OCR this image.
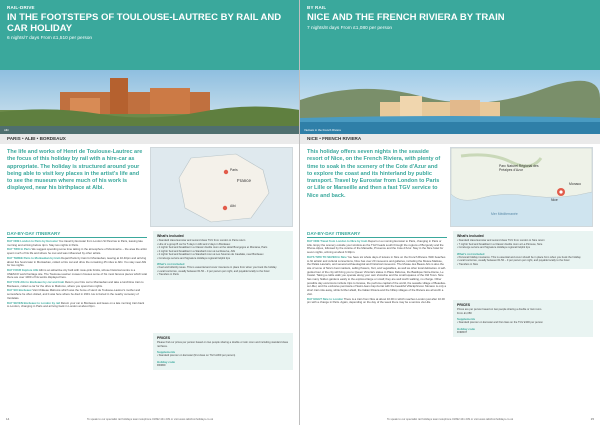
RAIL-DRIVE
IN THE FOOTSTEPS OF TOULOUSE-LAUTREC BY RAIL AND CAR HOLIDAY
6 nights/7 days From £1,510 per person
Albi
PARIS • ALBI • BORDEAUX
The life and works of Henri de Toulouse-Lautrec are the focus of this holiday by rail with a hire-car as appropriate. The holiday is structured around your being able to visit key places in the artist's life and to see the museum where much of his work is displayed, near his birthplace at Albi.
France
Paris
Albi
DAY-BY-DAY ITINERARY
DAY ONE London to Paris by Eurostar You travel by Eurostar from London St Pancras to Paris, leaving late morning and arriving before 4pm. Stay two nights in Paris.
DAY TWO In Paris We suggest spending some time taking in the atmosphere of Montmartre – the area the artist spent much of his life and where he met and was influenced by other artists.
DAY THREE Paris to Montauban by train Depart Paris by train for Montauban, leaving at 10.40pm and arriving about five hours later in Montauban, collect a hire car and drive the remaining 45 miles to Albi. You stay near Albi for two nights.
DAY FOUR Explore Albi Albi is an attractive city built with rosie-pink bricks, whose historical centre is a UNESCO world heritage site. The Toulouse-Lautrec museum houses some of his most famous pieces which total there are over 1000 of his works displayed here.
DAY FIVE Albi to Bordeaux by car and train Return your hire car to Montauban and take a lunchtime train to Bordeaux, collect a car for the drive to Malromé, where you spend two nights.
DAY SIX Bordeaux Visit Château Malromé which was the home of Henri de Toulouse-Lautrec's mother and somewhere he often visited, and it was here where he died in 1901. He is buried in the nearby cemetery of Verdelais.
DAY SEVEN Bordeaux to London by rail Return your car to Bordeaux and leave on a late morning train back to London, changing in Paris and arriving back in London at about 6pm.
What's included
• Standard class Eurostar and second class TGV from London to Paris return
• Hire of a group B car for 5 days in Albi and 2 days in Bordeaux
• 2 nights' bed and breakfast in a Classic double room at the Hotel Bourgogne et Montana, Paris
• 2 nights' bed and breakfast in a Standard room at La Reserve, Albi
• 2 nights' bed and breakfast in a Standard room at Les Sources de Caudalie, near Bordeaux
• Concierge service and Signature Holidays regional helpful tips
What's not included
• Fuel and tolls/city taxes. This is essential and cover insurance in place from when you book the holiday
• Local tourist tax, usually between €1.50 – 3 per person per night, and payable locally to the hotel
• Transfers in Paris
PRICES
Please find our prices per person based on two people sharing a double or twin room and including standard class rail fares.
Supplements
• Standard premier on Eurostar (first class on TGV £300 per person)
Holiday code
RDR09
To speak to our specialist rail holidays team telephone 01992 441 239 or visit www.railsfromholidays.co.uk
14
BY RAIL
NICE AND THE FRENCH RIVIERA BY TRAIN
7 nights/8 days From £1,080 per person
Vietnam in the French Riviera
NICE • FRENCH RIVIERA
This holiday offers seven nights in the seaside resort of Nice, on the French Riviera, with plenty of time to soak in the scenery of the Cote d'Azur and to explore the coast and its hinterland by public transport. Travel by Eurostar from London to Paris or Lille or Marseille and then a fast TGV service to Nice and back.
Parc Naturel Régional des Préalpes d'Azur
Monaco
Nice
Mer Méditerranée
DAY-BY-DAY ITINERARY
DAY ONE Travel from London to Nice by train Depart on a morning Eurostar to Paris, changing in Paris or Lille. Enjoy the scenery outside your window as the TGV heads south through the regions of Burgundy and the Rhone-Alpes, followed by the cuisine of the Marseille, Provence and the Cote d'Azur. Stay in the Nice hotel for seven nights, arriving at about 6.30pm.
DAYS TWO TO SEVEN In Nice You have six whole days of leisure in Nice on the French Riviera. With beaches to hit artistic and cultural connections, Nice has over 20 museums and galleries, including the Musée Matisse, the Palais Lascaris, and several archaeological and historical museums. The Musée des Beaux Arts is also the site of some of Nice's best markets, selling flowers, fruit, and vegetables, as well as other local delicacies. A self-guided tour of the city will bring you to Queen Victoria's statue in Place Défense, the Basilique Notre-Dame, Le Castel. Taking a cable walk you operate along your own shoreline and the small squares of the Old Town. Nice has many hidden gardens easily to the explored large or small; they are well worth walking, no charge. Other possible day excursions include trips to Grasse, the perfume capital of the world, the seaside village of Beaulieu-sur-Mer, and the exclusive peninsula of Saint-Jean-Cap-Ferrat with the beautiful Villa Ephrussi. Monaco is only a short train ride away, while further afield, the Italian Riviera and the hilltop villages of the Riviera are all worth a visit.
DAY EIGHT Nice to London There is a train from Nice at about 10.00 in which reaches London just after 10.00 pm with a change in Paris. Again, depending on the day of the week there may be a service via Lille.
What's included
• Standard class Eurostar and second class TGV from London to Nice return
• 7 nights' bed and breakfast in a Classic double room at La Pérouse, Nice
• Concierge service and Signature Holidays regional helpful tips
What's not included
• Personal holiday insurance. This is essential and cover should be in place from when you book the holiday
• Local tourist tax, usually between €1.50 – 3 per person per night, and payable locally to the hotel
• Transfers in Nice
PRICES
Prices are per person based on two people sharing a double or twin room.
From £1,080
Supplements
• Standard premier on Eurostar and first class on the TGV £300 per person
Holiday code
FNRR07
To speak to our specialist rail holidays team telephone 01992 441 239 or visit www.railsfromholidays.co.uk	15
